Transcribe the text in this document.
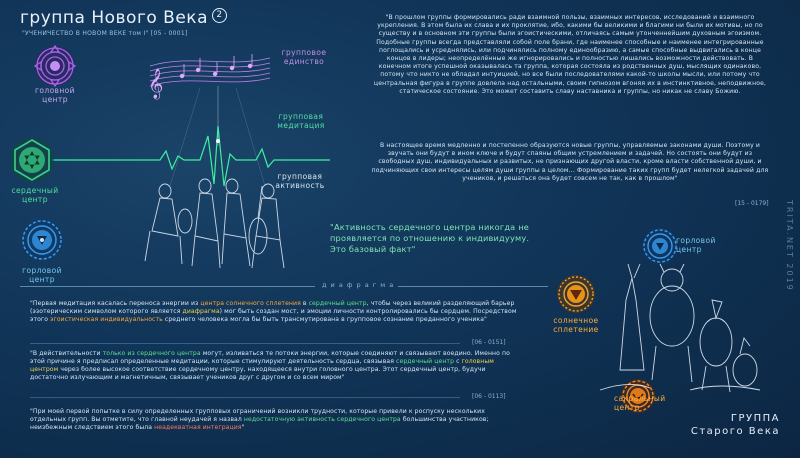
группа Нового Века 2
"УЧЕНИЧЕСТВО В НОВОМ ВЕКЕ том I" [05 - 0001]
𝄞
головной
центр
сердечный
центр
горловой
центр
групповое
единство
групповая
медитация
групповая
активность
"В прошлом группы формировались ради взаимной пользы, взаимных интересов, исследований и взаимного укрепления. В этом была их слава и их проклятие, ибо, какими бы великими и благими ни были их мотивы, но по существу и в основном эти группы были эгоистическими, отличаясь самым утонченнейшим духовным эгоизмом. Подобные группы всегда представляли собой поле брани, где наименее способные и наименее интегрированные поглощались и усреднялись, или подчинялись полному единообразию, а самые способные выдвигались в конце концов в лидеры; неопределённые же игнорировались и полностью лишались возможности действовать. В конечном итоге успешной оказывалась та группа, которая состояла из родственных душ, мыслящих одинаково, потому что никто не обладал интуицией, но все были последователями какой-то школы мысли, или потому что центральная фигура в группе довлела над остальными, своим гипнозом вгоняя их в инстинктивное, неподвижное, статическое состояние. Это может составить славу наставника и группы, но никак не славу Божию.
В настоящее время медленно и постепенно образуются новые группы, управляемые законами души. Поэтому и звучать они будут в ином ключе и будут спаяны общим устремлением и задачей. Но состоять они будут из свободных душ, индивидуальных и развитых, не признающих другой власти, кроме власти собственной души, и подчиняющих свои интересы целям души группы в целом... Формирование таких групп будет нелегкой задачей для учеников, и решаться она будет совсем не так, как в прошлом"
[15 - 0179]
"Активность сердечного центра никогда не проявляется по отношению к индивидууму. Это базовый факт"
д и а ф р а г м а
"Первая медитация касалась переноса энергии из центра солнечного сплетения в сердечный центр, чтобы через великий разделяющий барьер (эзотерическим символом которого является диафрагма) мог быть создан мост, и эмоции личности контролировались бы сердцем. Посредством этого эгоистическая индивидуальность среднего человека могла бы быть трансмутирована в групповое сознание преданного ученика"
[06 - 0151]
"В действительности только из сердечного центра могут, изливаться те потоки энергии, которые соединяют и связывают воедино. Именно по этой причине я предписал определенные медитации, которые стимулируют деятельность сердца, связывая сердечный центр с головным центром через более высокое соответствие сердечному центру, находящееся внутри головного центра. Этот сердечный центр, будучи достаточно излучающим и магнетичным, связывает учеников друг с другом и со всем миром"
[06 - 0113]
"При моей первой попытке в силу определенных групповых ограничений возникли трудности, которые привели к роспуску нескольких отдельных групп. Вы отметите, что главной неудачей я назвал недостаточную активность сердечного центра большинства участников; неизбежным следствием этого была неадекватная интеграция"
горловой
центр
солнечное
сплетение
сакральный
центр
ГРУППА
Старого Века
TRITA.NET 2019
